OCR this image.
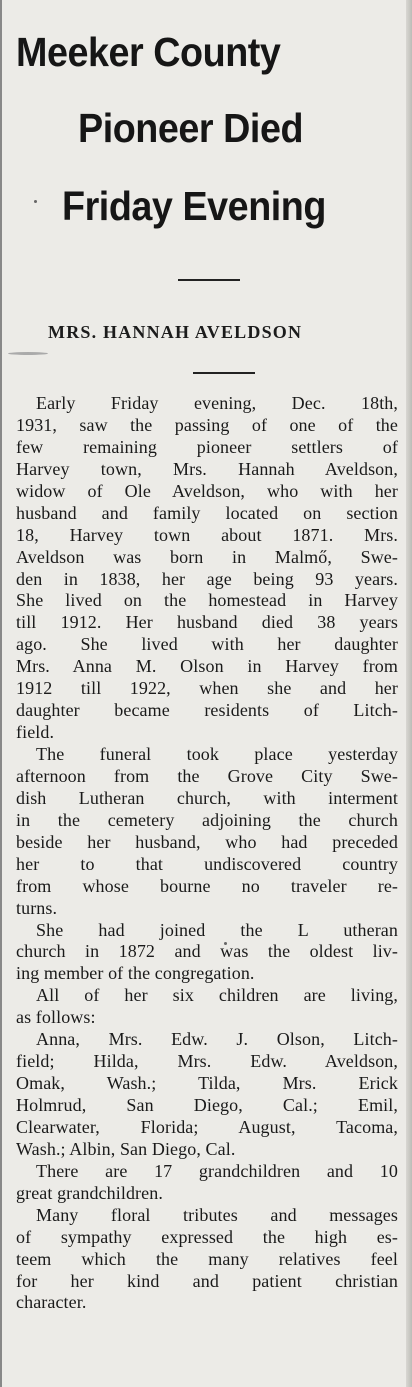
Meeker County
Pioneer Died
Friday Evening
MRS. HANNAH AVELDSON
Early Friday evening, Dec. 18th,
1931, saw the passing of one of the
few remaining pioneer settlers of
Harvey town, Mrs. Hannah Aveldson,
widow of Ole Aveldson, who with her
husband and family located on section
18, Harvey town about 1871. Mrs.
Aveldson was born in Malmő, Swe-
den in 1838, her age being 93 years.
She lived on the homestead in Harvey
till 1912. Her husband died 38 years
ago. She lived with her daughter
Mrs. Anna M. Olson in Harvey from
1912 till 1922, when she and her
daughter became residents of Litch-
field.
The funeral took place yesterday
afternoon from the Grove City Swe-
dish Lutheran church, with interment
in the cemetery adjoining the church
beside her husband, who had preceded
her to that undiscovered country
from whose bourne no traveler re-
turns.
She had joined the L utheran
church in 1872 and was the oldest liv-
ing member of the congregation.
All of her six children are living,
as follows:
Anna, Mrs. Edw. J. Olson, Litch-
field; Hilda, Mrs. Edw. Aveldson,
Omak, Wash.; Tilda, Mrs. Erick
Holmrud, San Diego, Cal.; Emil,
Clearwater, Florida; August, Tacoma,
Wash.; Albin, San Diego, Cal.
There are 17 grandchildren and 10
great grandchildren.
Many floral tributes and messages
of sympathy expressed the high es-
teem which the many relatives feel
for her kind and patient christian
character.
